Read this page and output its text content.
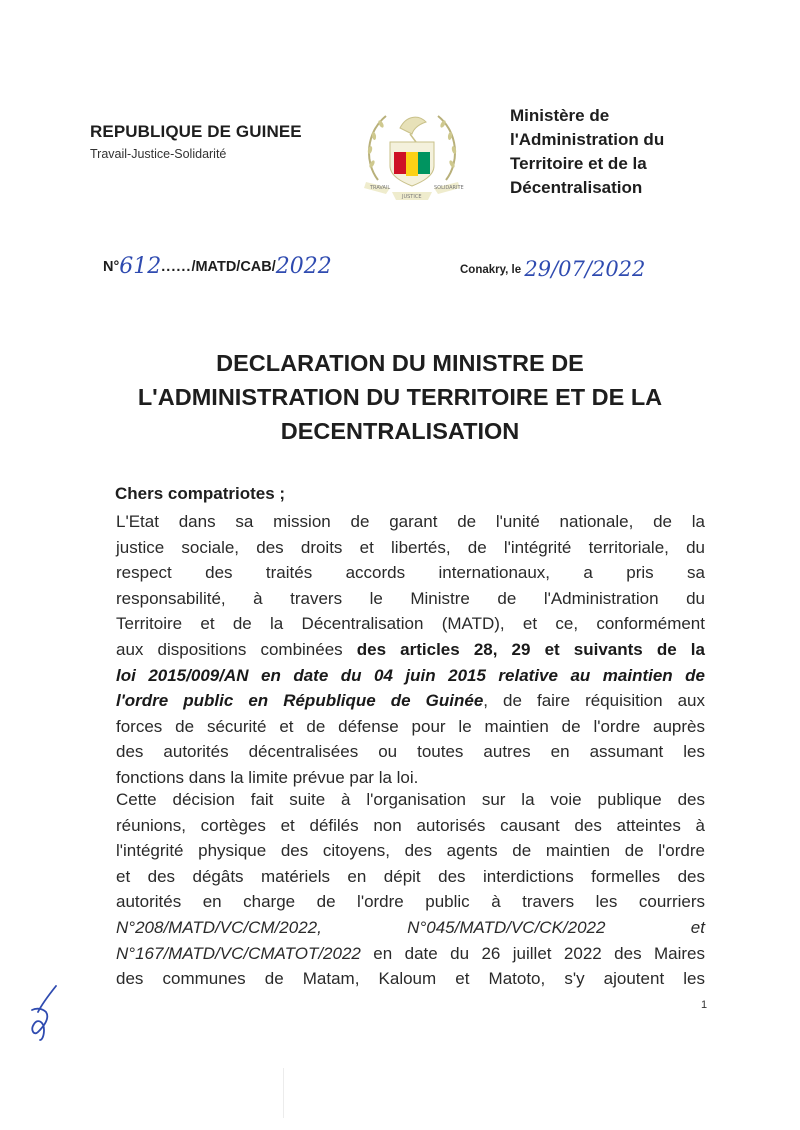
REPUBLIQUE DE GUINEE
Travail-Justice-Solidarité
TRAVAIL
JUSTICE
SOLIDARITE
Ministère de
l'Administration du
Territoire et de la
Décentralisation
N°612....../MATD/CAB/2022	Conakry, le 29/07/2022
DECLARATION DU MINISTRE DE
L'ADMINISTRATION DU TERRITOIRE ET DE LA
DECENTRALISATION
Chers compatriotes ;
L'Etat dans sa mission de garant de l'unité nationale, de la
justice sociale, des droits et libertés, de l'intégrité territoriale, du
respect des traités accords internationaux, a pris sa
responsabilité, à travers le Ministre de l'Administration du
Territoire et de la Décentralisation (MATD), et ce, conformément
aux dispositions combinées des articles 28, 29 et suivants de la
loi 2015/009/AN en date du 04 juin 2015 relative au maintien de
l'ordre public en République de Guinée, de faire réquisition aux
forces de sécurité et de défense pour le maintien de l'ordre auprès
des autorités décentralisées ou toutes autres en assumant les
fonctions dans la limite prévue par la loi.
Cette décision fait suite à l'organisation sur la voie publique des
réunions, cortèges et défilés non autorisés causant des atteintes à
l'intégrité physique des citoyens, des agents de maintien de l'ordre
et des dégâts matériels en dépit des interdictions formelles des
autorités en charge de l'ordre public à travers les courriers
N°208/MATD/VC/CM/2022,	N°045/MATD/VC/CK/2022	et
N°167/MATD/VC/CMATOT/2022 en date du 26 juillet 2022 des Maires
des communes de Matam, Kaloum et Matoto, s'y ajoutent les
1
